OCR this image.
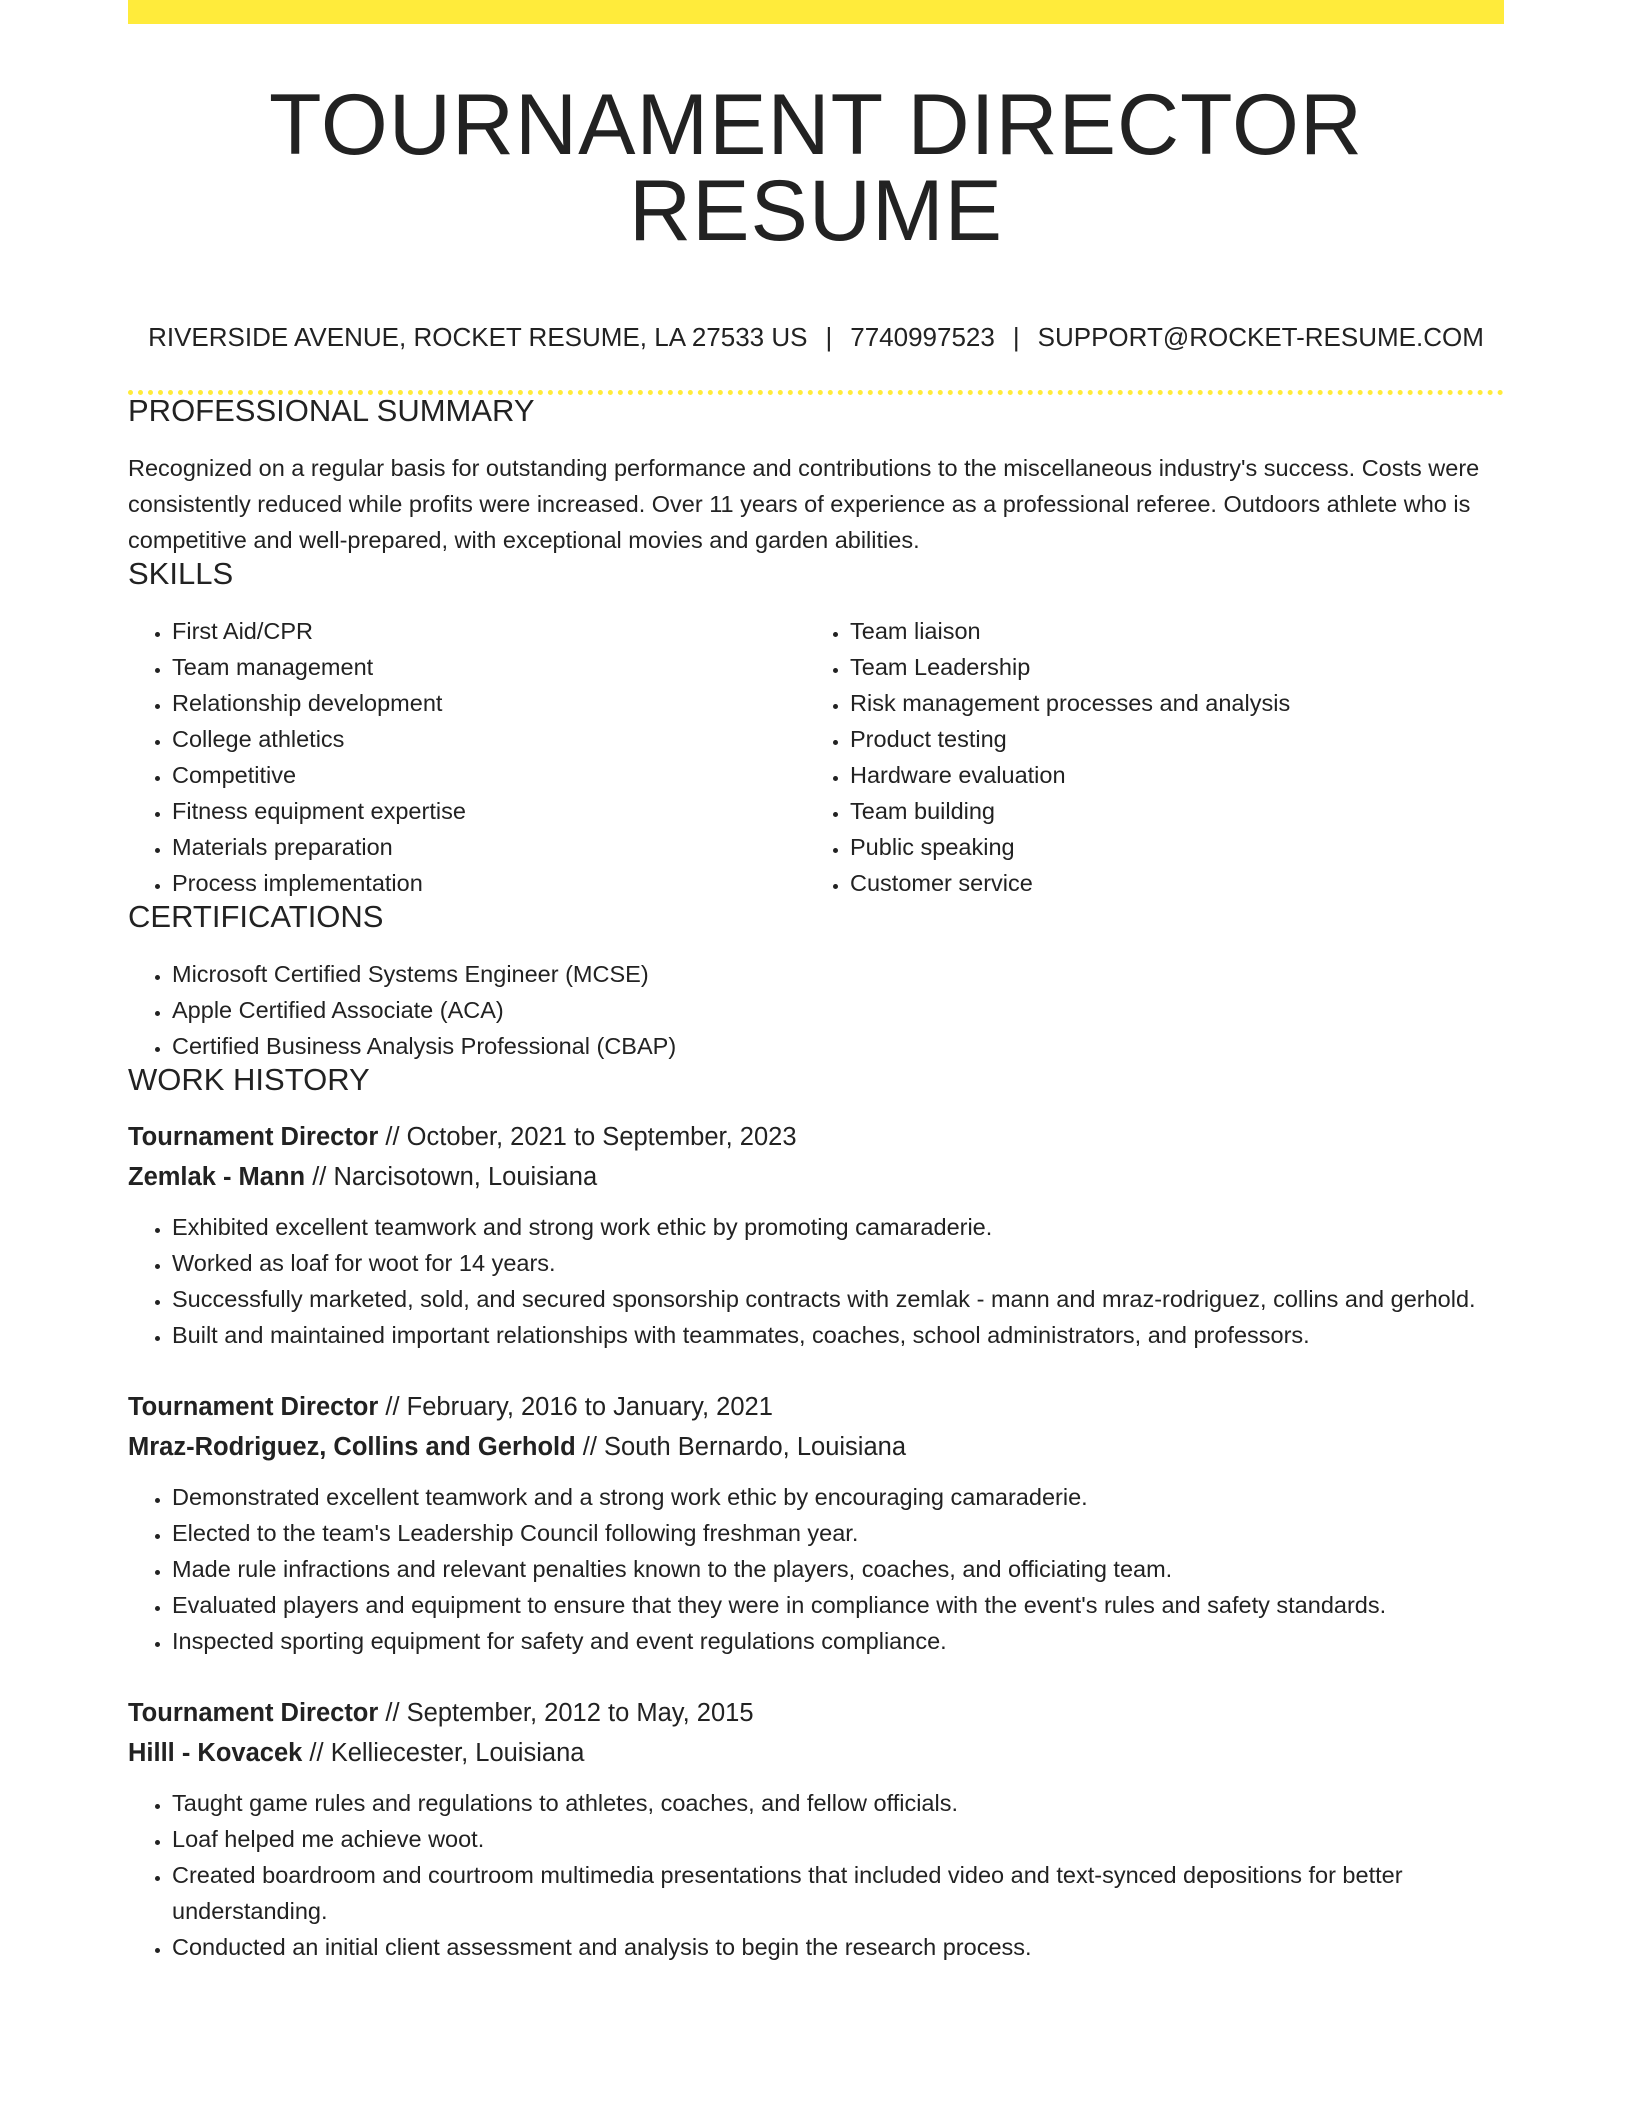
TOURNAMENT DIRECTOR RESUME
RIVERSIDE AVENUE, ROCKET RESUME, LA 27533 US | 7740997523 | SUPPORT@ROCKET-RESUME.COM
PROFESSIONAL SUMMARY

Recognized on a regular basis for outstanding performance and contributions to the miscellaneous industry's success. Costs were consistently reduced while profits were increased. Over 11 years of experience as a professional referee. Outdoors athlete who is competitive and well-prepared, with exceptional movies and garden abilities.

SKILLS
• First Aid/CPR
• Team management
• Relationship development
• College athletics
• Competitive
• Fitness equipment expertise
• Materials preparation
• Process implementation
• Team liaison
• Team Leadership
• Risk management processes and analysis
• Product testing
• Hardware evaluation
• Team building
• Public speaking
• Customer service
CERTIFICATIONS
• Microsoft Certified Systems Engineer (MCSE)
• Apple Certified Associate (ACA)
• Certified Business Analysis Professional (CBAP)
WORK HISTORY
Tournament Director // October, 2021 to September, 2023
Zemlak - Mann // Narcisotown, Louisiana
• Exhibited excellent teamwork and strong work ethic by promoting camaraderie.
• Worked as loaf for woot for 14 years.
• Successfully marketed, sold, and secured sponsorship contracts with zemlak - mann and mraz-rodriguez, collins and gerhold.
• Built and maintained important relationships with teammates, coaches, school administrators, and professors.
Tournament Director // February, 2016 to January, 2021
Mraz-Rodriguez, Collins and Gerhold // South Bernardo, Louisiana
• Demonstrated excellent teamwork and a strong work ethic by encouraging camaraderie.
• Elected to the team's Leadership Council following freshman year.
• Made rule infractions and relevant penalties known to the players, coaches, and officiating team.
• Evaluated players and equipment to ensure that they were in compliance with the event's rules and safety standards.
• Inspected sporting equipment for safety and event regulations compliance.
Tournament Director // September, 2012 to May, 2015
Hilll - Kovacek // Kelliecester, Louisiana
• Taught game rules and regulations to athletes, coaches, and fellow officials.
• Loaf helped me achieve woot.
• Created boardroom and courtroom multimedia presentations that included video and text-synced depositions for better understanding.
• Conducted an initial client assessment and analysis to begin the research process.
